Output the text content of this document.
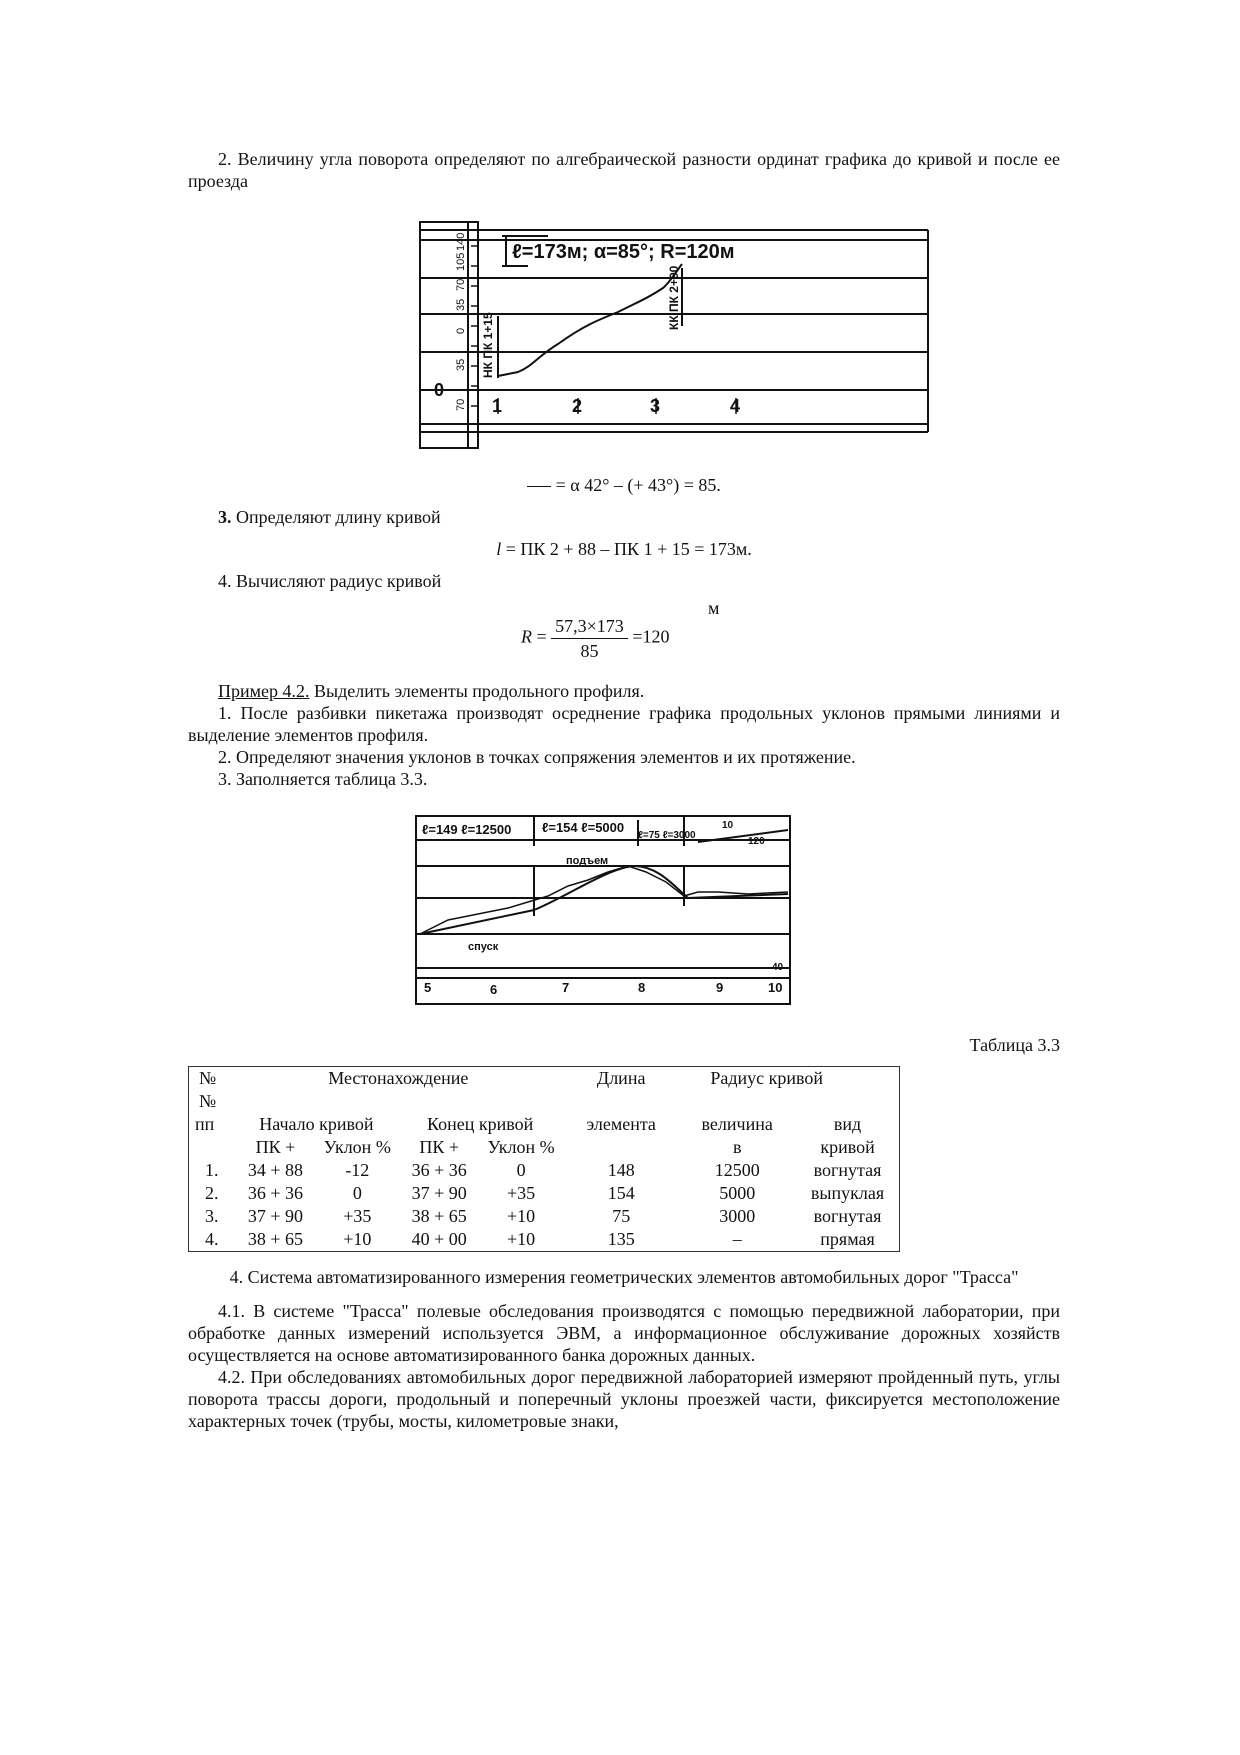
2. Величину угла поворота определяют по алгебраической разности ординат графика до кривой и после ее проезда

ℓ=173м; α=85°; R=120м
70
35
0
35
70
105
140
НК ПК 1+15
КК ПК 2+90
0
1	2	3	4

= α 42° – (+ 43°) = 85.

3. Определяют длину кривой

l = ПК 2 + 88 – ПК 1 + 15 = 173м.

4. Вычисляют радиус кривой

м
$R = \frac{57,3\times 173}{85} =120$

Пример 4.2. Выделить элементы продольного профиля.

1. После разбивки пикетажа производят осреднение графика продольных уклонов прямыми линиями и выделение элементов профиля.

2. Определяют значения уклонов в точках сопряжения элементов и их протяжение.

3. Заполняется таблица 3.3.

ℓ=149 ℓ=12500 ℓ=154 ℓ=5000
ℓ=75 ℓ=3000
10
120
подъем
спуск
40
5	6	7	8	9	10

Таблица 3.3

№	Местонахождение				Длина	Радиус кривой	
№							
пп	Начало кривой		Конец кривой		элемента	величина	вид
	ПК +	Уклон %	ПК +	Уклон %		в	кривой
1.	34 + 88	-12	36 + 36	0	148	12500	вогнутая
2.	36 + 36	0	37 + 90	+35	154	5000	выпуклая
3.	37 + 90	+35	38 + 65	+10	75	3000	вогнутая
4.	38 + 65	+10	40 + 00	+10	135	–	прямая

4. Система автоматизированного измерения геометрических элементов автомобильных дорог "Трасса"

4.1. В системе "Трасса" полевые обследования производятся с помощью передвижной лаборатории, при обработке данных измерений используется ЭВМ, а информационное обслуживание дорожных хозяйств осуществляется на основе автоматизированного банка дорожных данных.

4.2. При обследованиях автомобильных дорог передвижной лабораторией измеряют пройденный путь, углы поворота трассы дороги, продольный и поперечный уклоны проезжей части, фиксируется местоположение характерных точек (трубы, мосты, километровые знаки,
